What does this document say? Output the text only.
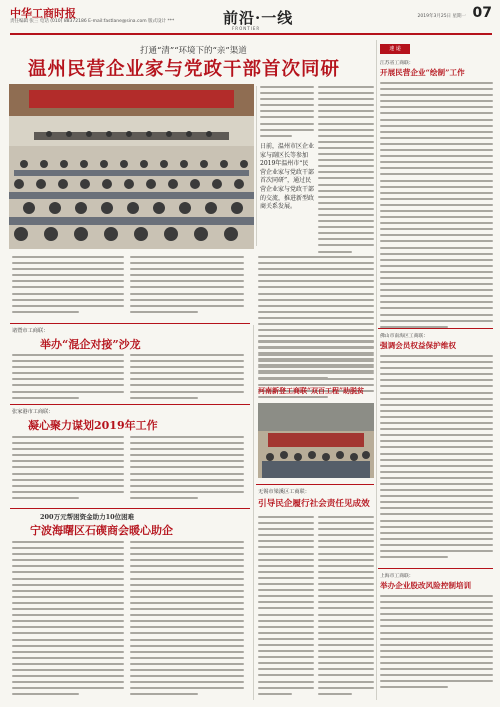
中华工商时报
责任编辑 张三 电话 (010) 88372186 E-mail:fastlane@sina.com 版式设计 ***	前沿·一线
FRONTIER
2019年3月25日 星期一 07
打通“清”“环境下的“亲”渠道
温州民营企业家与党政干部首次同研
日前，温州市区企业家与副区长等参加2019年温州市“民营企业家与党政干部首次同研”，通过民营企业家与党政干部的交流，推进新型政商关系发展。
诸暨市工商联：
举办“混企对接”沙龙
张家港市工商联：
凝心聚力谋划2019年工作
200万元帮困资金助力10位困难
宁波海曙区石碶商会暖心助企
河南新登工商联“双百工程”助脱贫
无锡市梁溪区工商联：
引导民企履行社会责任见成效
速 递
江苏省工商联：
开展民营企业“绘制”工作
佛山市南海区工商联：
强调会员权益保护维权
上海市工商联：
举办企业股改风险控制培训
